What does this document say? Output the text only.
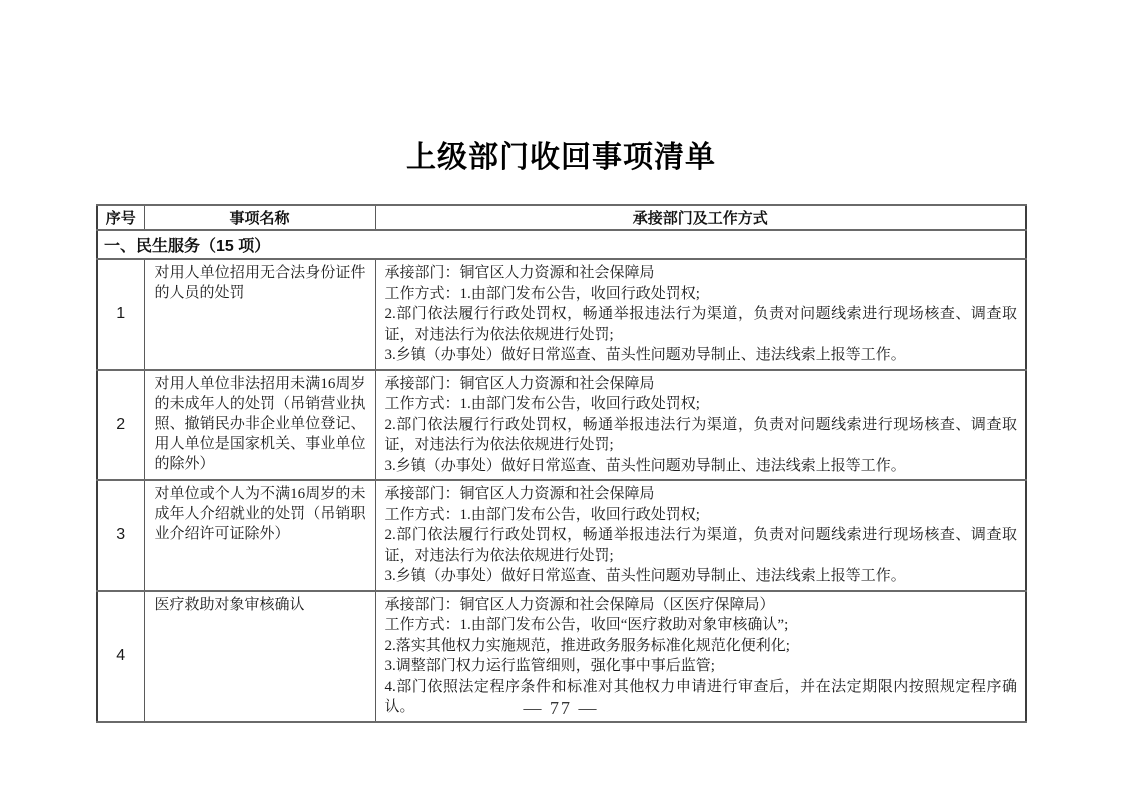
上级部门收回事项清单
序号	事项名称	承接部门及工作方式
一、民生服务（15 项）		
1	对用人单位招用无合法身份证件的人员的处罚	承接部门：铜官区人力资源和社会保障局
工作方式：1.由部门发布公告，收回行政处罚权;
2.部门依法履行行政处罚权，畅通举报违法行为渠道，负责对问题线索进行现场核查、调查取证，对违法行为依法依规进行处罚;
3.乡镇（办事处）做好日常巡查、苗头性问题劝导制止、违法线索上报等工作。

2	对用人单位非法招用未满16周岁的未成年人的处罚（吊销营业执照、撤销民办非企业单位登记、用人单位是国家机关、事业单位的除外）	承接部门：铜官区人力资源和社会保障局
工作方式：1.由部门发布公告，收回行政处罚权;
2.部门依法履行行政处罚权，畅通举报违法行为渠道，负责对问题线索进行现场核查、调查取证，对违法行为依法依规进行处罚;
3.乡镇（办事处）做好日常巡查、苗头性问题劝导制止、违法线索上报等工作。

3	对单位或个人为不满16周岁的未成年人介绍就业的处罚（吊销职业介绍许可证除外）	承接部门：铜官区人力资源和社会保障局
工作方式：1.由部门发布公告，收回行政处罚权;
2.部门依法履行行政处罚权，畅通举报违法行为渠道，负责对问题线索进行现场核查、调查取证，对违法行为依法依规进行处罚;
3.乡镇（办事处）做好日常巡查、苗头性问题劝导制止、违法线索上报等工作。

4	医疗救助对象审核确认	承接部门：铜官区人力资源和社会保障局（区医疗保障局）
工作方式：1.由部门发布公告，收回“医疗救助对象审核确认”;
2.落实其他权力实施规范，推进政务服务标准化规范化便利化;
3.调整部门权力运行监管细则，强化事中事后监管;
4.部门依照法定程序条件和标准对其他权力申请进行审查后，并在法定期限内按照规定程序确认。	— 77 —
